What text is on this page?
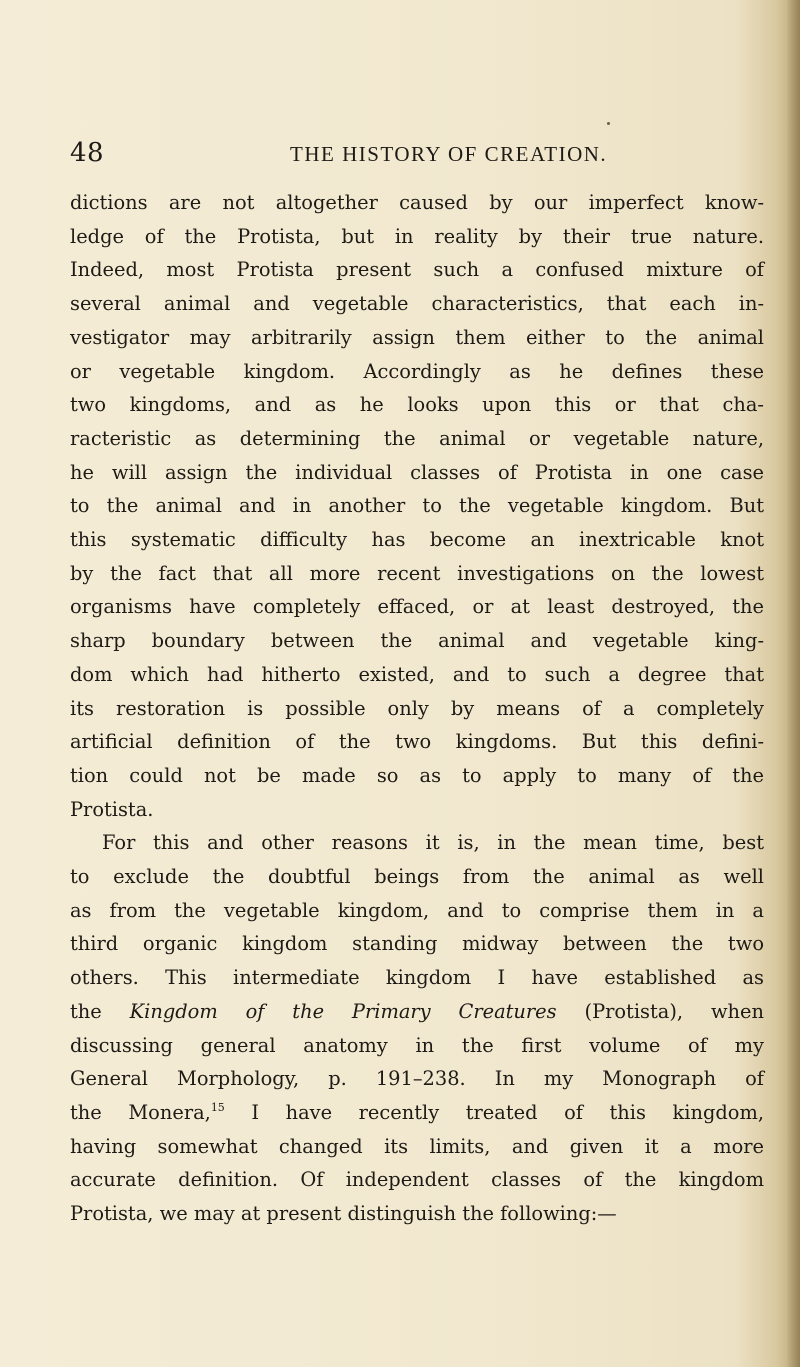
48	THE HISTORY OF CREATION.

dictions are not altogether caused by our imperfect know-
ledge of the Protista, but in reality by their true nature.
Indeed, most Protista present such a confused mixture of
several animal and vegetable characteristics, that each in-
vestigator may arbitrarily assign them either to the animal
or vegetable kingdom. Accordingly as he defines these
two kingdoms, and as he looks upon this or that cha-
racteristic as determining the animal or vegetable nature,
he will assign the individual classes of Protista in one case
to the animal and in another to the vegetable kingdom. But
this systematic difficulty has become an inextricable knot
by the fact that all more recent investigations on the lowest
organisms have completely effaced, or at least destroyed, the
sharp boundary between the animal and vegetable king-
dom which had hitherto existed, and to such a degree that
its restoration is possible only by means of a completely
artificial definition of the two kingdoms. But this defini-
tion could not be made so as to apply to many of the
Protista.

For this and other reasons it is, in the mean time, best
to exclude the doubtful beings from the animal as well
as from the vegetable kingdom, and to comprise them in a
third organic kingdom standing midway between the two
others. This intermediate kingdom I have established as
the Kingdom of the Primary Creatures (Protista), when
discussing general anatomy in the first volume of my
General Morphology, p. 191–238. In my Monograph of
the Monera,$^{15}$ I have recently treated of this kingdom,
having somewhat changed its limits, and given it a more
accurate definition. Of independent classes of the kingdom
Protista, we may at present distinguish the following:—
